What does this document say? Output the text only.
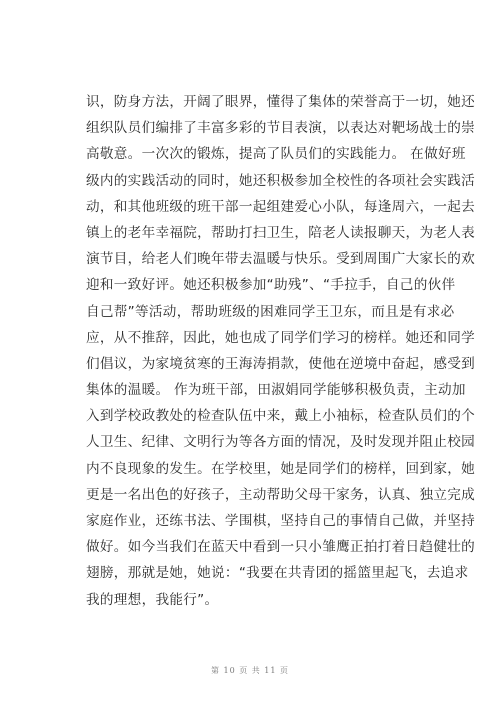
识，防身方法，开阔了眼界，懂得了集体的荣誉高于一切，她还
组织队员们编排了丰富多彩的节目表演，以表达对靶场战士的崇
高敬意。一次次的锻炼，提高了队员们的实践能力。 在做好班
级内的实践活动的同时，她还积极参加全校性的各项社会实践活
动，和其他班级的班干部一起组建爱心小队，每逢周六，一起去
镇上的老年幸福院，帮助打扫卫生，陪老人读报聊天，为老人表
演节目，给老人们晚年带去温暖与快乐。受到周围广大家长的欢
迎和一致好评。她还积极参加“助残”、“手拉手，自己的伙伴
自己帮”等活动，帮助班级的困难同学王卫东，而且是有求必
应，从不推辞，因此，她也成了同学们学习的榜样。她还和同学
们倡议，为家境贫寒的王海涛捐款，使他在逆境中奋起，感受到
集体的温暖。 作为班干部，田淑娟同学能够积极负责，主动加
入到学校政教处的检查队伍中来，戴上小袖标，检查队员们的个
人卫生、纪律、文明行为等各方面的情况，及时发现并阻止校园
内不良现象的发生。在学校里，她是同学们的榜样，回到家，她
更是一名出色的好孩子，主动帮助父母干家务，认真、独立完成
家庭作业，还练书法、学围棋，坚持自己的事情自己做，并坚持
做好。如今当我们在蓝天中看到一只小雏鹰正拍打着日趋健壮的
翅膀，那就是她，她说：“我要在共青团的摇篮里起飞，去追求
我的理想，我能行”。
第 10 页 共 11 页
